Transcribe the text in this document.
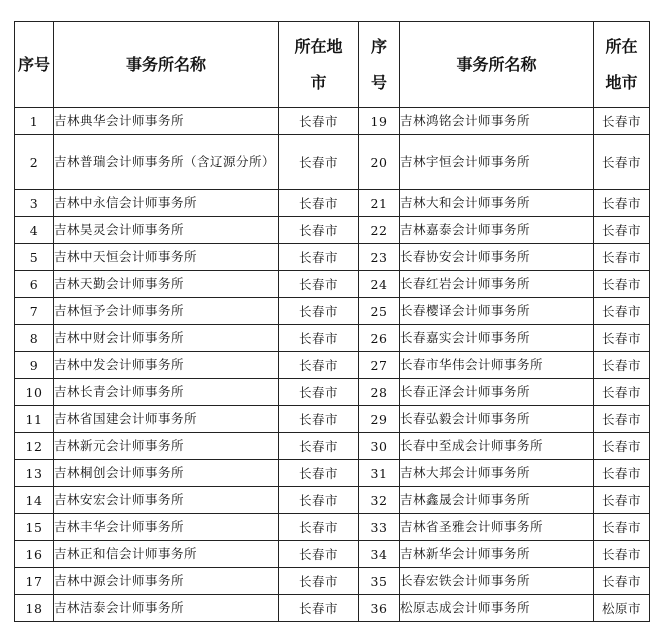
序号	事务所名称	所在地市	序号	事务所名称	所在地市
1	吉林典华会计师事务所	长春市	19	吉林鸿铭会计师事务所	长春市
2	吉林普瑞会计师事务所（含辽源分所）	长春市	20	吉林宇恒会计师事务所	长春市
3	吉林中永信会计师事务所	长春市	21	吉林大和会计师事务所	长春市
4	吉林昊灵会计师事务所	长春市	22	吉林嘉泰会计师事务所	长春市
5	吉林中天恒会计师事务所	长春市	23	长春协安会计师事务所	长春市
6	吉林天勤会计师事务所	长春市	24	长春红岩会计师事务所	长春市
7	吉林恒予会计师事务所	长春市	25	长春樱译会计师事务所	长春市
8	吉林中财会计师事务所	长春市	26	长春嘉实会计师事务所	长春市
9	吉林中发会计师事务所	长春市	27	长春市华伟会计师事务所	长春市
10	吉林长青会计师事务所	长春市	28	长春正泽会计师事务所	长春市
11	吉林省国建会计师事务所	长春市	29	长春弘毅会计师事务所	长春市
12	吉林新元会计师事务所	长春市	30	长春中至成会计师事务所	长春市
13	吉林桐创会计师事务所	长春市	31	吉林大邦会计师事务所	长春市
14	吉林安宏会计师事务所	长春市	32	吉林鑫晟会计师事务所	长春市
15	吉林丰华会计师事务所	长春市	33	吉林省圣雅会计师事务所	长春市
16	吉林正和信会计师事务所	长春市	34	吉林新华会计师事务所	长春市
17	吉林中源会计师事务所	长春市	35	长春宏铁会计师事务所	长春市
18	吉林洁泰会计师事务所	长春市	36	松原志成会计师事务所	松原市
